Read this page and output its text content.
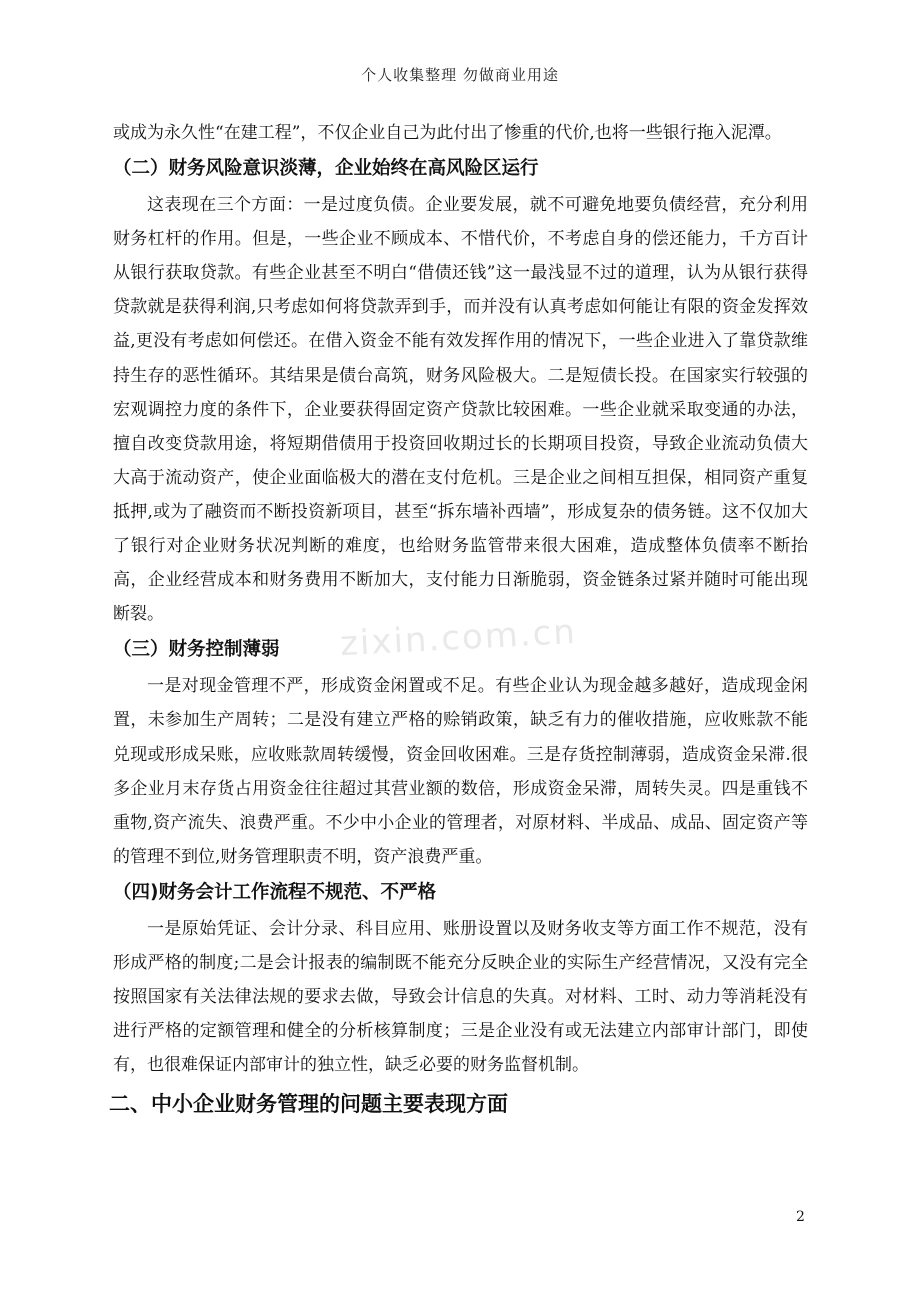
个人收集整理 勿做商业用途
zixin.com.cn

或成为永久性“在建工程”，不仅企业自己为此付出了惨重的代价,也将一些银行拖入泥潭。

（二）财务风险意识淡薄，企业始终在高风险区运行

这表现在三个方面：一是过度负债。企业要发展，就不可避免地要负债经营，充分利用财务杠杆的作用。但是，一些企业不顾成本、不惜代价，不考虑自身的偿还能力，千方百计从银行获取贷款。有些企业甚至不明白“借债还钱”这一最浅显不过的道理，认为从银行获得贷款就是获得利润,只考虑如何将贷款弄到手，而并没有认真考虑如何能让有限的资金发挥效益,更没有考虑如何偿还。在借入资金不能有效发挥作用的情况下，一些企业进入了靠贷款维持生存的恶性循环。其结果是债台高筑，财务风险极大。二是短债长投。在国家实行较强的宏观调控力度的条件下，企业要获得固定资产贷款比较困难。一些企业就采取变通的办法，擅自改变贷款用途，将短期借债用于投资回收期过长的长期项目投资，导致企业流动负债大大高于流动资产，使企业面临极大的潜在支付危机。三是企业之间相互担保，相同资产重复抵押,或为了融资而不断投资新项目，甚至“拆东墙补西墙”，形成复杂的债务链。这不仅加大了银行对企业财务状况判断的难度，也给财务监管带来很大困难，造成整体负债率不断抬高，企业经营成本和财务费用不断加大，支付能力日渐脆弱，资金链条过紧并随时可能出现断裂。

（三）财务控制薄弱

一是对现金管理不严，形成资金闲置或不足。有些企业认为现金越多越好，造成现金闲置，未参加生产周转；二是没有建立严格的赊销政策，缺乏有力的催收措施，应收账款不能兑现或形成呆账，应收账款周转缓慢，资金回收困难。三是存货控制薄弱，造成资金呆滞.很多企业月末存货占用资金往往超过其营业额的数倍，形成资金呆滞，周转失灵。四是重钱不重物,资产流失、浪费严重。不少中小企业的管理者，对原材料、半成品、成品、固定资产等的管理不到位,财务管理职责不明，资产浪费严重。

（四)财务会计工作流程不规范、不严格

一是原始凭证、会计分录、科目应用、账册设置以及财务收支等方面工作不规范，没有形成严格的制度;二是会计报表的编制既不能充分反映企业的实际生产经营情况，又没有完全按照国家有关法律法规的要求去做，导致会计信息的失真。对材料、工时、动力等消耗没有进行严格的定额管理和健全的分析核算制度；三是企业没有或无法建立内部审计部门，即使有，也很难保证内部审计的独立性，缺乏必要的财务监督机制。

二、中小企业财务管理的问题主要表现方面
2
